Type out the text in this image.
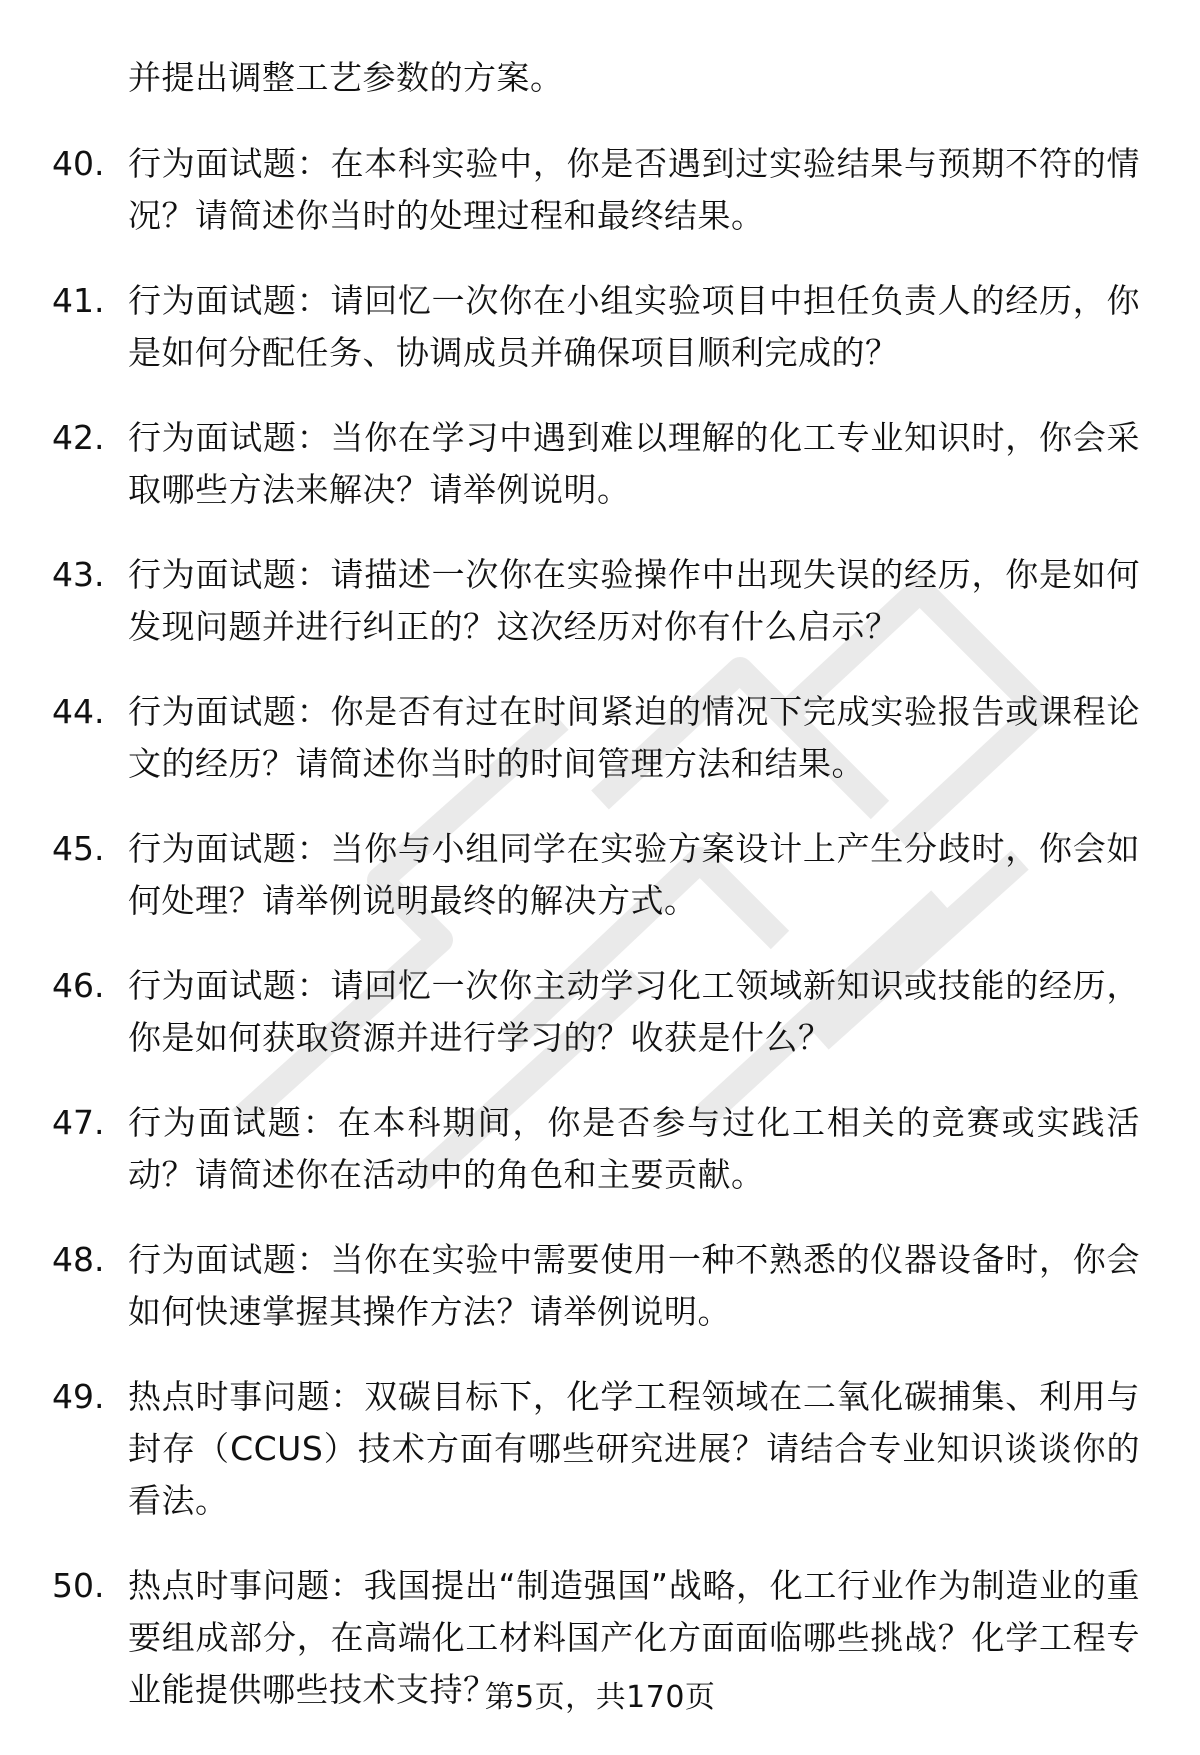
并提出调整工艺参数的方案。
40. 行为面试题：在本科实验中，你是否遇到过实验结果与预期不符的情况？请简述你当时的处理过程和最终结果。
41. 行为面试题：请回忆一次你在小组实验项目中担任负责人的经历，你是如何分配任务、协调成员并确保项目顺利完成的？
42. 行为面试题：当你在学习中遇到难以理解的化工专业知识时，你会采取哪些方法来解决？请举例说明。
43. 行为面试题：请描述一次你在实验操作中出现失误的经历，你是如何发现问题并进行纠正的？这次经历对你有什么启示？
44. 行为面试题：你是否有过在时间紧迫的情况下完成实验报告或课程论文的经历？请简述你当时的时间管理方法和结果。
45. 行为面试题：当你与小组同学在实验方案设计上产生分歧时，你会如何处理？请举例说明最终的解决方式。
46. 行为面试题：请回忆一次你主动学习化工领域新知识或技能的经历，你是如何获取资源并进行学习的？收获是什么？
47. 行为面试题：在本科期间，你是否参与过化工相关的竞赛或实践活动？请简述你在活动中的角色和主要贡献。
48. 行为面试题：当你在实验中需要使用一种不熟悉的仪器设备时，你会如何快速掌握其操作方法？请举例说明。
49. 热点时事问题：双碳目标下，化学工程领域在二氧化碳捕集、利用与封存（CCUS）技术方面有哪些研究进展？请结合专业知识谈谈你的看法。
50. 热点时事问题：我国提出“制造强国”战略，化工行业作为制造业的重要组成部分，在高端化工材料国产化方面面临哪些挑战？化学工程专业能提供哪些技术支持？
第5页，共170页
